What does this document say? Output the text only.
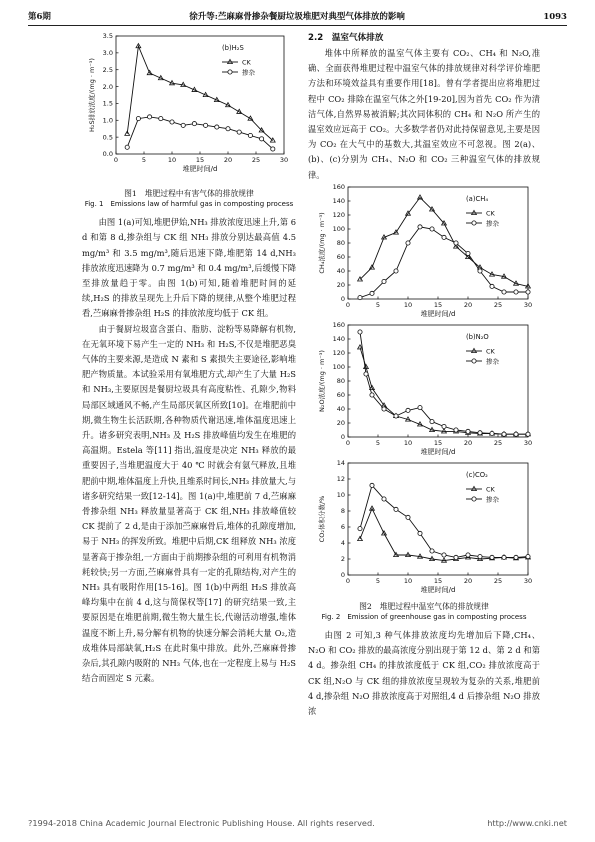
第6期	徐升等:苎麻麻骨掺杂餐厨垃圾堆肥对典型气体排放的影响	1093
0	5	10	15	20	25	30
0.0
0.5
1.0
1.5
2.0
2.5
3.0
3.5
(b)H₂S
CK
掺杂
H₂S排放浓度/(mg · m⁻³)
堆肥时间/d
图1　堆肥过程中有害气体的排放规律
Fig. 1　Emissions law of harmful gas in composting process

由图 1(a)可知,堆肥伊始,NH₃ 排放浓度迅速上升,第 6 d 和第 8 d,掺杂组与 CK 组 NH₃ 排放分别达最高值 4.5 mg/m³ 和 3.5 mg/m³,随后迅速下降,堆肥第 14 d,NH₃ 排放浓度迅速降为 0.7 mg/m³ 和 0.4 mg/m³,后缓慢下降至排放量趋于零。由图 1(b)可知,随着堆肥时间的延续,H₂S 的排放呈现先上升后下降的规律,从整个堆肥过程看,苎麻麻骨掺杂组 H₂S 的排放浓度均低于 CK 组。

由于餐厨垃圾富含蛋白、脂肪、淀粉等易降解有机物,在无氧环境下易产生一定的 NH₃ 和 H₂S,不仅是堆肥恶臭气体的主要来源,是造成 N 素和 S 素损失主要途径,影响堆肥产物质量。本试验采用有氧堆肥方式,却产生了大量 H₂S 和 NH₃,主要原因是餐厨垃圾具有高度粘性、孔隙少,物料局部区域通风不畅,产生局部厌氧区所致[10]。在堆肥前中期,微生物生长活跃期,各种物质代谢迅速,堆体温度迅速上升。诸多研究表明,NH₃ 及 H₂S 排放峰值均发生在堆肥的高温期。Estela 等[11] 指出,温度是决定 NH₃ 释放的最重要因子,当堆肥温度大于 40 ℃ 时就会有氨气释放,且堆肥前中期,堆体温度上升快,且维系时间长,NH₃ 排放量大,与诸多研究结果一致[12-14]。图 1(a)中,堆肥前 7 d,苎麻麻骨掺杂组 NH₃ 释放量显著高于 CK 组,NH₃ 排放峰值较 CK 提前了 2 d,是由于添加苎麻麻骨后,堆体的孔隙度增加,易于 NH₃ 的挥发所致。堆肥中后期,CK 组释放 NH₃ 浓度显著高于掺杂组,一方面由于前期掺杂组的可利用有机物消耗较快;另一方面,苎麻麻骨具有一定的孔隙结构,对产生的 NH₃ 具有吸附作用[15-16]。图 1(b)中两组 H₂S 排放高峰均集中在前 4 d,这与简保权等[17] 的研究结果一致,主要原因是在堆肥前期,微生物大量生长,代谢活动增强,堆体温度不断上升,易分解有机物的快速分解会消耗大量 O₂,造成堆体局部缺氧,H₂S 在此时集中排放。此外,苎麻麻骨掺杂后,其孔隙内吸附的 NH₃ 气体,也在一定程度上易与 H₂S 结合而固定 S 元素。

2.2　温室气体排放

堆体中所释放的温室气体主要有 CO₂、CH₄ 和 N₂O,准确、全面获得堆肥过程中温室气体的排放规律对科学评价堆肥方法和环境效益具有重要作用[18]。曾有学者提出应将堆肥过程中 CO₂ 排除在温室气体之外[19-20],因为首先 CO₂ 作为清洁气体,自然界易被消解;其次同体积的 CH₄ 和 N₂O 所产生的温室效应远高于 CO₂。大多数学者仍对此持保留意见,主要是因为 CO₂ 在大气中的基数大,其温室效应不可忽视。图 2(a)、(b)、(c)分别为 CH₄、N₂O 和 CO₂ 三种温室气体的排放规律。

0	5	10	15	20	25	30
0
20
40
60
80
100
120
140
160
(a)CH₄
CK
掺杂
CH₄浓度/(mg · m⁻³)
堆肥时间/d
0	5	10	15	20	25	30
0
20
40
60
80
100
120
140
160
(b)N₂O
CK
掺杂
N₂O浓度/(mg · m⁻³)
堆肥时间/d
0	5	10	15	20	25	30
0
2
4
6
8
10
12
14
(c)CO₂
CK
掺杂
CO₂体积分数/%
堆肥时间/d
图2　堆肥过程中温室气体的排放规律
Fig. 2　Emission of greenhouse gas in composting process

由图 2 可知,3 种气体排放浓度均先增加后下降,CH₄、N₂O 和 CO₂ 排放的最高浓度分别出现于第 12 d、第 2 d 和第 4 d。掺杂组 CH₄ 的排放浓度低于 CK 组,CO₂ 排放浓度高于 CK 组,N₂O 与 CK 组的排放浓度呈现较为复杂的关系,堆肥前 4 d,掺杂组 N₂O 排放浓度高于对照组,4 d 后掺杂组 N₂O 排放浓

?1994-2018 China Academic Journal Electronic Publishing House. All rights reserved.	http://www.cnki.net
